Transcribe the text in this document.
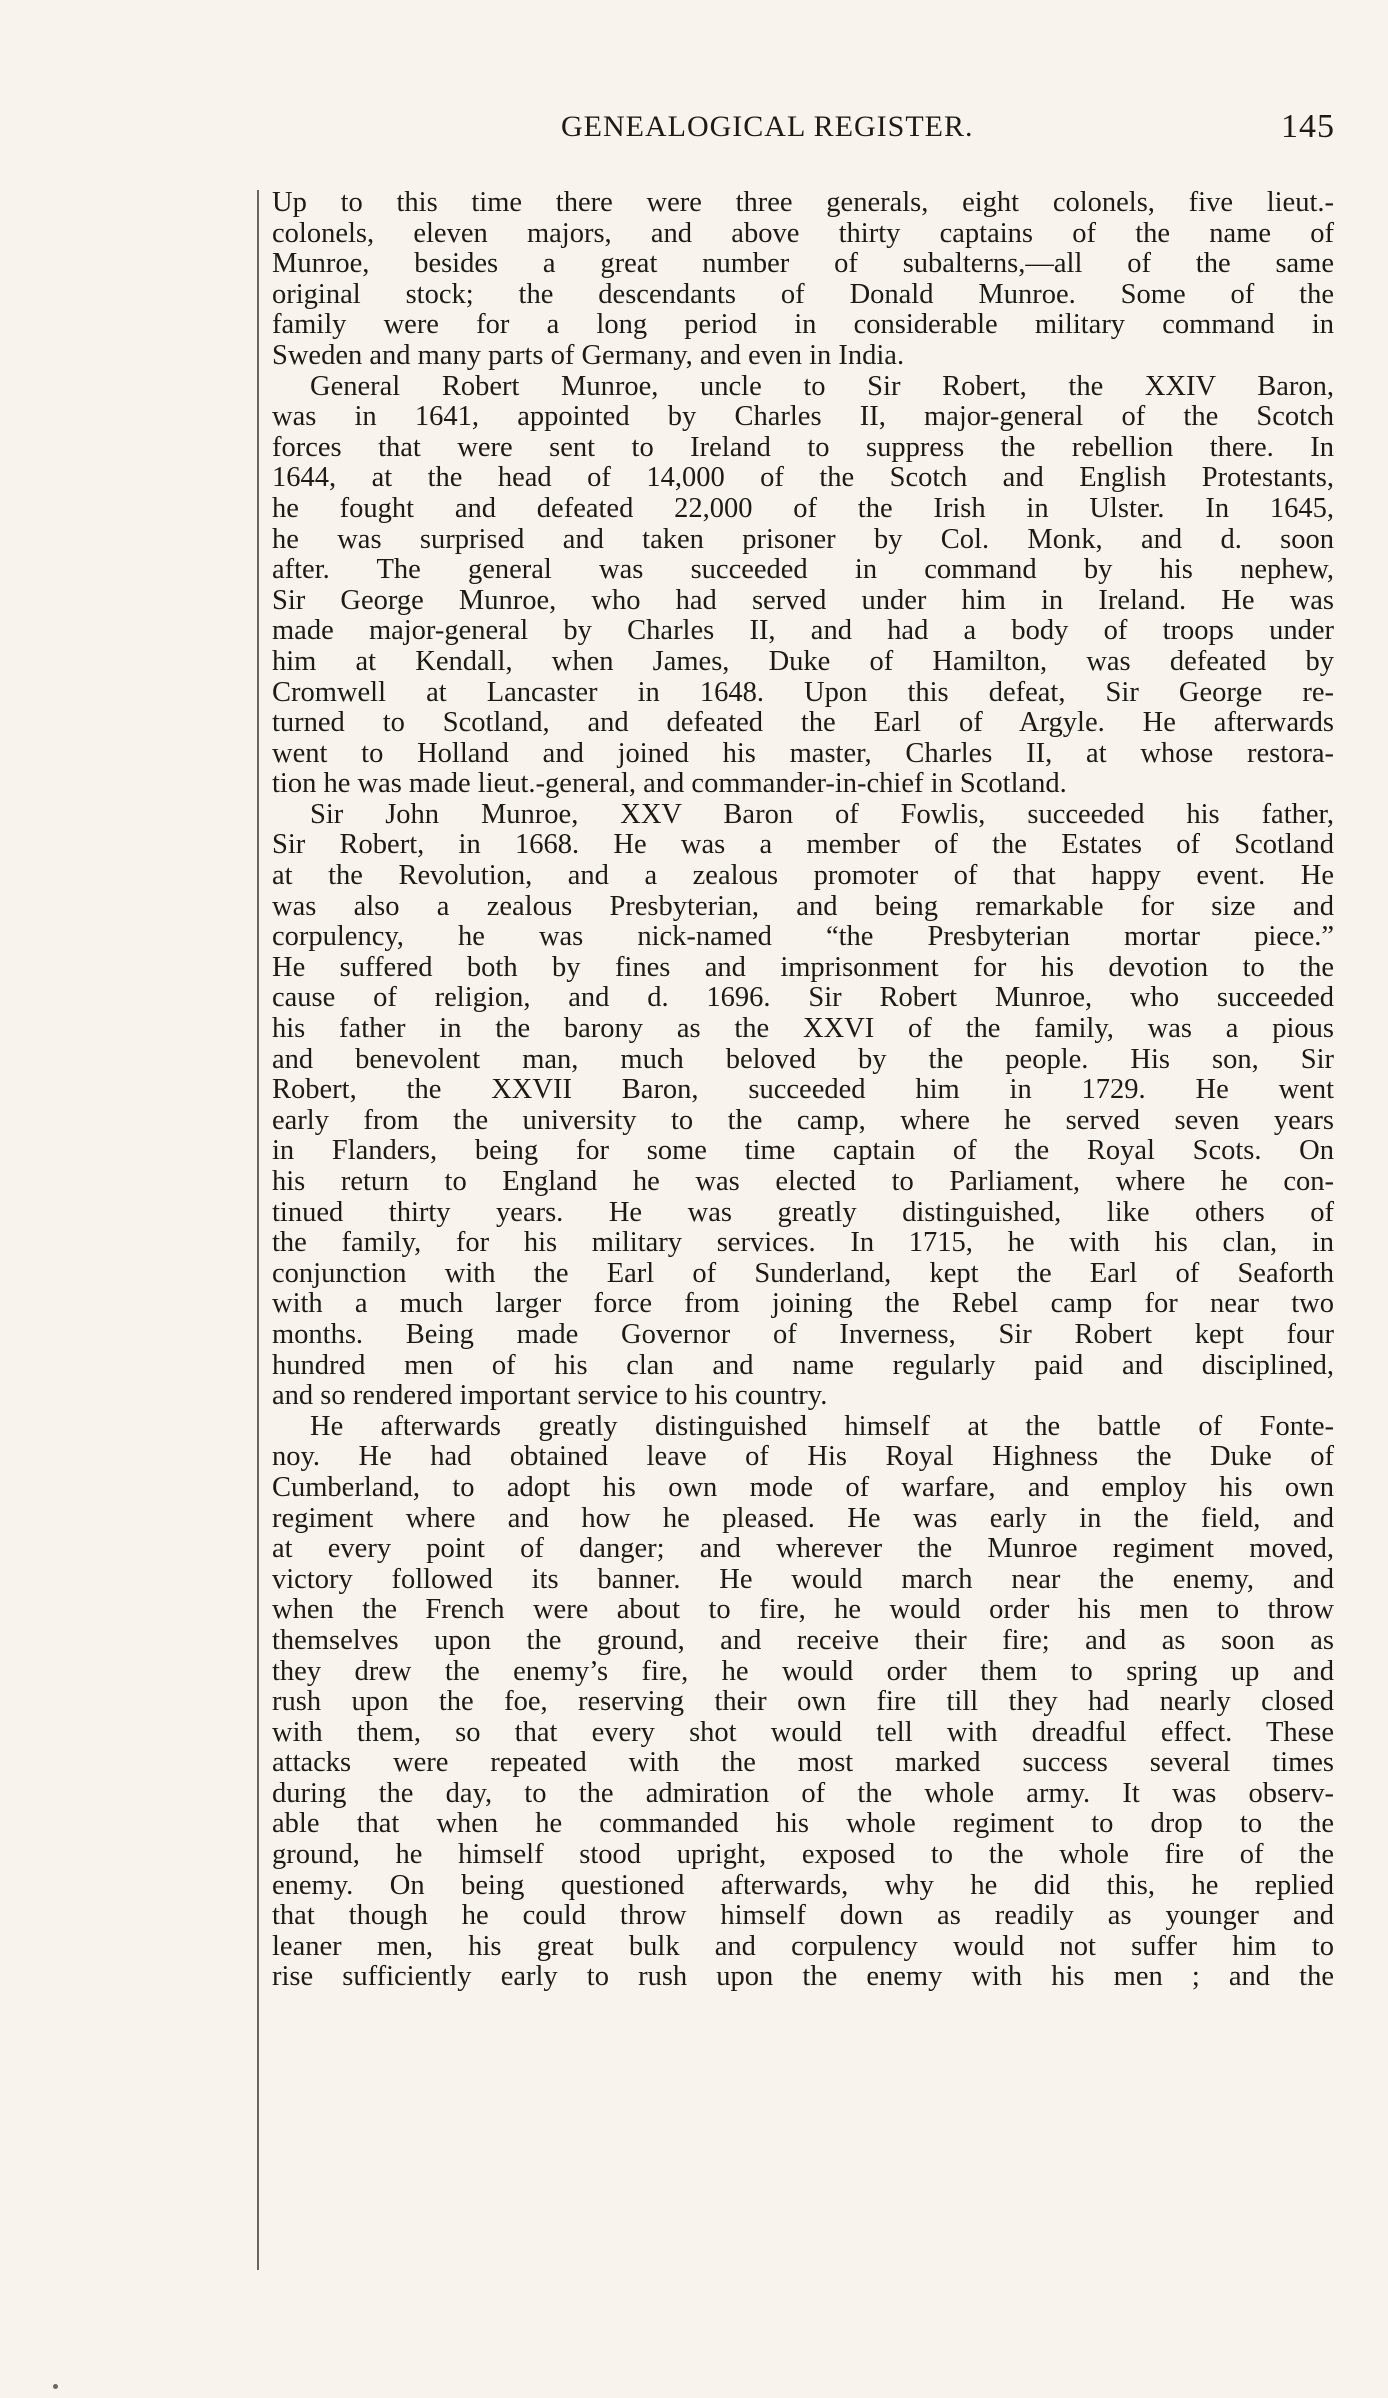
GENEALOGICAL REGISTER.	145
Up to this time there were three generals, eight colonels, five lieut.-
colonels, eleven majors, and above thirty captains of the name of
Munroe, besides a great number of subalterns,—all of the same
original stock; the descendants of Donald Munroe. Some of the
family were for a long period in considerable military command in
Sweden and many parts of Germany, and even in India.
General Robert Munroe, uncle to Sir Robert, the XXIV Baron,
was in 1641, appointed by Charles II, major-general of the Scotch
forces that were sent to Ireland to suppress the rebellion there. In
1644, at the head of 14,000 of the Scotch and English Protestants,
he fought and defeated 22,000 of the Irish in Ulster. In 1645,
he was surprised and taken prisoner by Col. Monk, and d. soon
after. The general was succeeded in command by his nephew,
Sir George Munroe, who had served under him in Ireland. He was
made major-general by Charles II, and had a body of troops under
him at Kendall, when James, Duke of Hamilton, was defeated by
Cromwell at Lancaster in 1648. Upon this defeat, Sir George re-
turned to Scotland, and defeated the Earl of Argyle. He afterwards
went to Holland and joined his master, Charles II, at whose restora-
tion he was made lieut.-general, and commander-in-chief in Scotland.
Sir John Munroe, XXV Baron of Fowlis, succeeded his father,
Sir Robert, in 1668. He was a member of the Estates of Scotland
at the Revolution, and a zealous promoter of that happy event. He
was also a zealous Presbyterian, and being remarkable for size and
corpulency, he was nick-named “the Presbyterian mortar piece.”
He suffered both by fines and imprisonment for his devotion to the
cause of religion, and d. 1696. Sir Robert Munroe, who succeeded
his father in the barony as the XXVI of the family, was a pious
and benevolent man, much beloved by the people. His son, Sir
Robert, the XXVII Baron, succeeded him in 1729. He went
early from the university to the camp, where he served seven years
in Flanders, being for some time captain of the Royal Scots. On
his return to England he was elected to Parliament, where he con-
tinued thirty years. He was greatly distinguished, like others of
the family, for his military services. In 1715, he with his clan, in
conjunction with the Earl of Sunderland, kept the Earl of Seaforth
with a much larger force from joining the Rebel camp for near two
months. Being made Governor of Inverness, Sir Robert kept four
hundred men of his clan and name regularly paid and disciplined,
and so rendered important service to his country.
He afterwards greatly distinguished himself at the battle of Fonte-
noy. He had obtained leave of His Royal Highness the Duke of
Cumberland, to adopt his own mode of warfare, and employ his own
regiment where and how he pleased. He was early in the field, and
at every point of danger; and wherever the Munroe regiment moved,
victory followed its banner. He would march near the enemy, and
when the French were about to fire, he would order his men to throw
themselves upon the ground, and receive their fire; and as soon as
they drew the enemy’s fire, he would order them to spring up and
rush upon the foe, reserving their own fire till they had nearly closed
with them, so that every shot would tell with dreadful effect. These
attacks were repeated with the most marked success several times
during the day, to the admiration of the whole army. It was observ-
able that when he commanded his whole regiment to drop to the
ground, he himself stood upright, exposed to the whole fire of the
enemy. On being questioned afterwards, why he did this, he replied
that though he could throw himself down as readily as younger and
leaner men, his great bulk and corpulency would not suffer him to
rise sufficiently early to rush upon the enemy with his men ; and the
